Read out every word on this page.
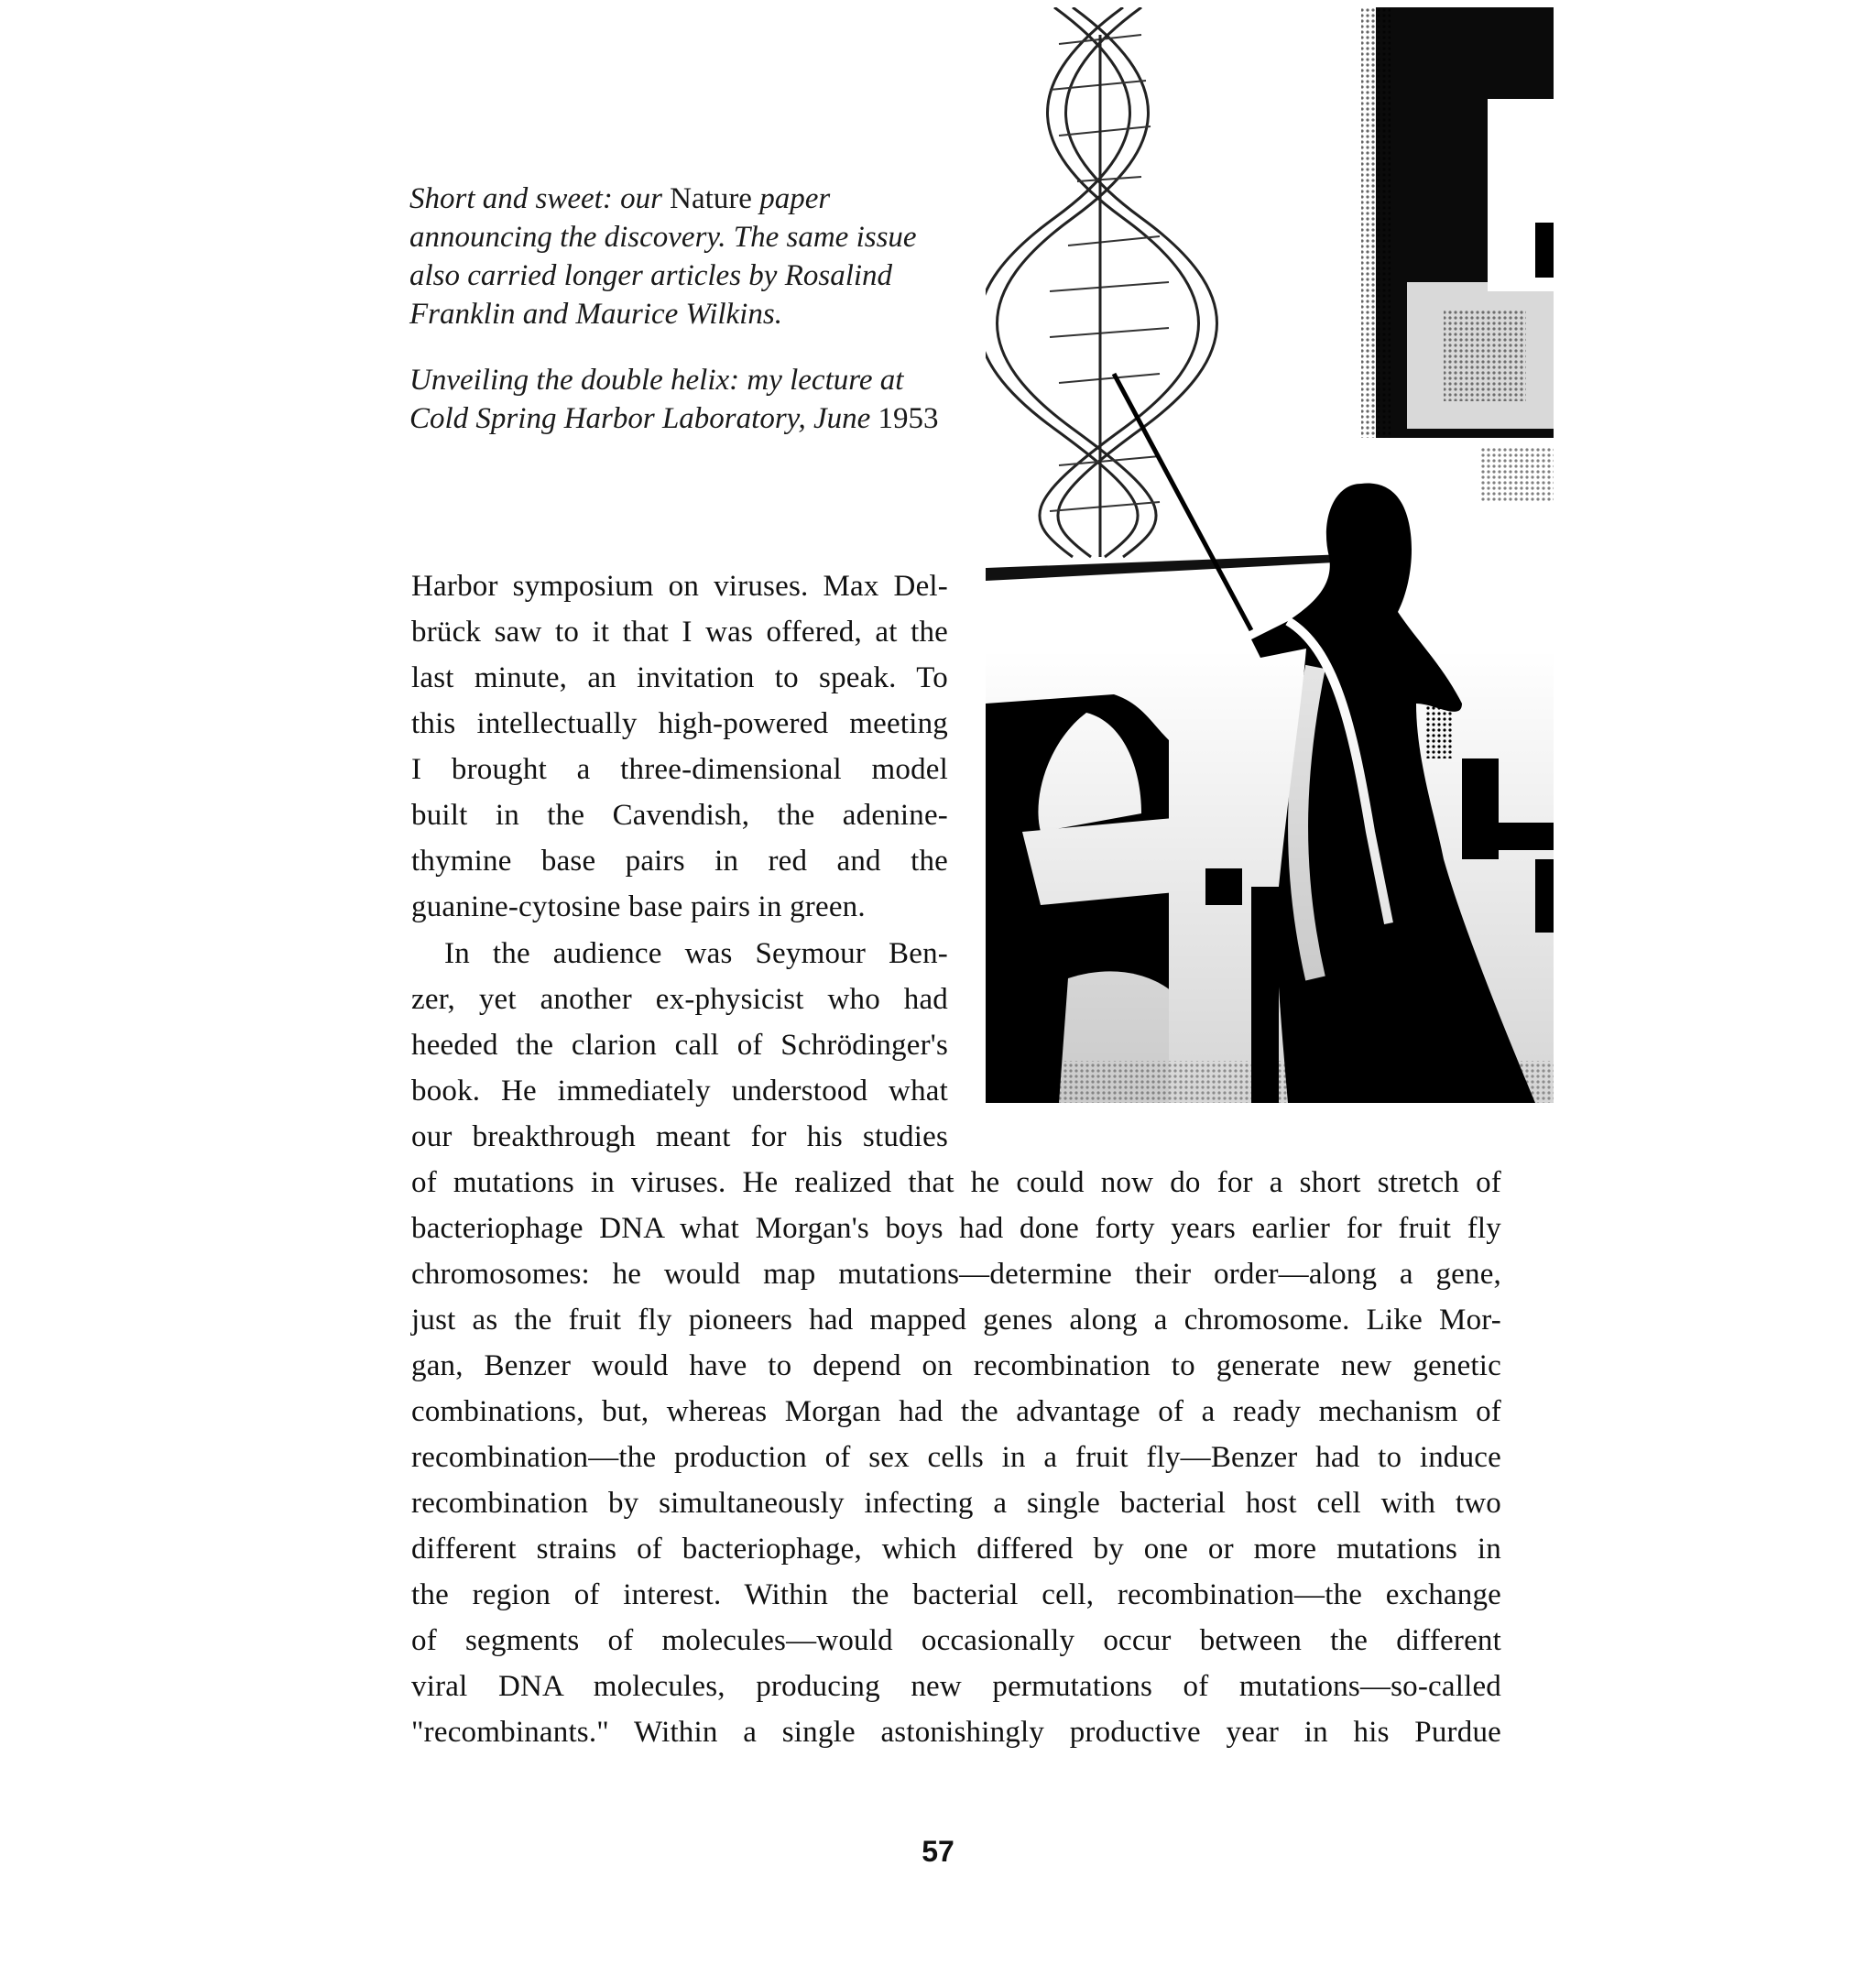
Short and sweet: our Nature paper announcing the discovery. The same issue also carried longer articles by Rosalind Franklin and Maurice Wilkins.
Unveiling the double helix: my lecture at Cold Spring Harbor Laboratory, June 1953
Harbor symposium on viruses. Max Del-
brück saw to it that I was offered, at the
last minute, an invitation to speak. To
this intellectually high-powered meeting
I brought a three-dimensional model
built in the Cavendish, the adenine-
thymine base pairs in red and the
guanine-cytosine base pairs in green.
In the audience was Seymour Ben-
zer, yet another ex-physicist who had
heeded the clarion call of Schrödinger's
book. He immediately understood what
our breakthrough meant for his studies
of mutations in viruses. He realized that he could now do for a short stretch of
bacteriophage DNA what Morgan's boys had done forty years earlier for fruit fly
chromosomes: he would map mutations—determine their order—along a gene,
just as the fruit fly pioneers had mapped genes along a chromosome. Like Mor-
gan, Benzer would have to depend on recombination to generate new genetic
combinations, but, whereas Morgan had the advantage of a ready mechanism of
recombination—the production of sex cells in a fruit fly—Benzer had to induce
recombination by simultaneously infecting a single bacterial host cell with two
different strains of bacteriophage, which differed by one or more mutations in
the region of interest. Within the bacterial cell, recombination—the exchange
of segments of molecules—would occasionally occur between the different
viral DNA molecules, producing new permutations of mutations—so-called
"recombinants." Within a single astonishingly productive year in his Purdue
57
